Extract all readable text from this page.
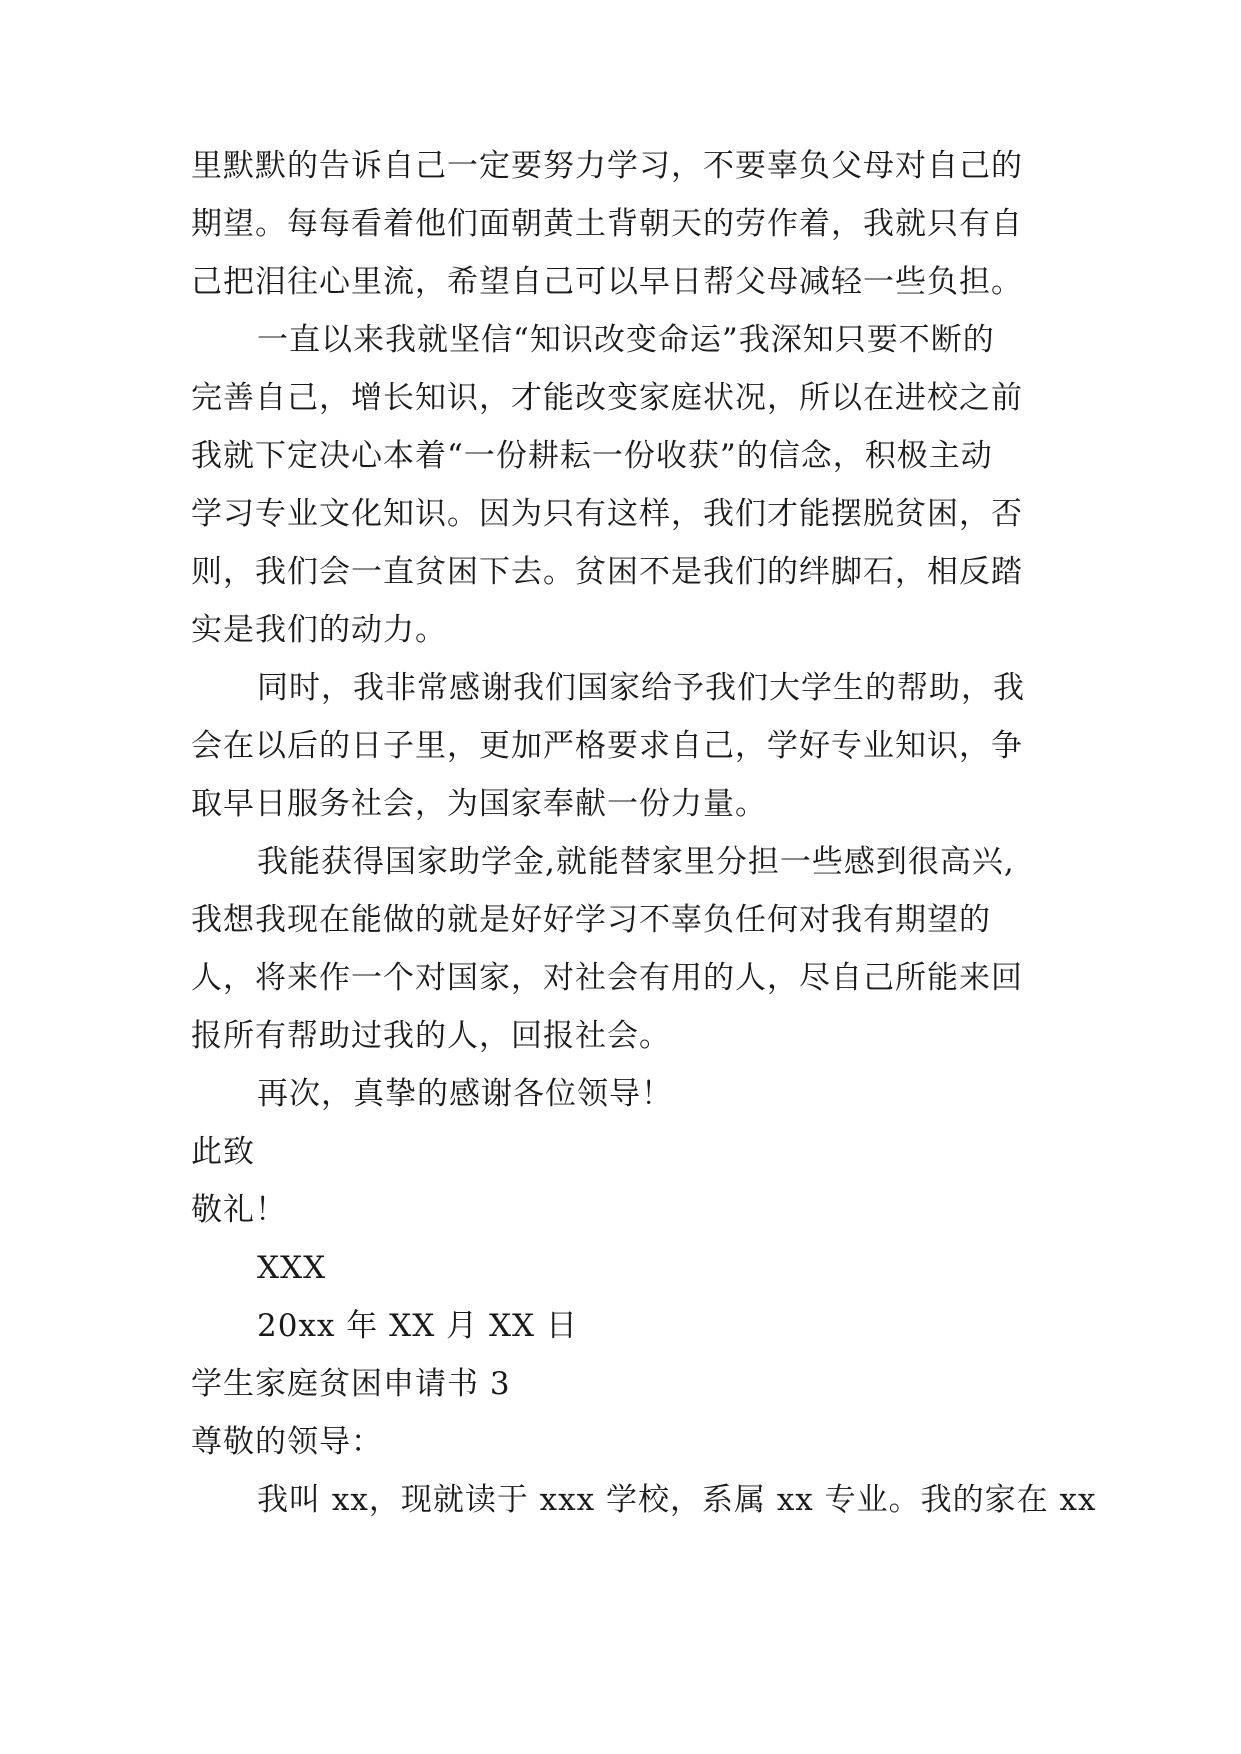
里默默的告诉自己一定要努力学习，不要辜负父母对自己的
期望。每每看着他们面朝黄土背朝天的劳作着，我就只有自
己把泪往心里流，希望自己可以早日帮父母减轻一些负担。
一直以来我就坚信“知识改变命运”我深知只要不断的
完善自己，增长知识，才能改变家庭状况，所以在进校之前
我就下定决心本着“一份耕耘一份收获”的信念，积极主动
学习专业文化知识。因为只有这样，我们才能摆脱贫困，否
则，我们会一直贫困下去。贫困不是我们的绊脚石，相反踏
实是我们的动力。
同时，我非常感谢我们国家给予我们大学生的帮助，我
会在以后的日子里，更加严格要求自己，学好专业知识，争
取早日服务社会，为国家奉献一份力量。
我能获得国家助学金,就能替家里分担一些感到很高兴,
我想我现在能做的就是好好学习不辜负任何对我有期望的
人，将来作一个对国家，对社会有用的人，尽自己所能来回
报所有帮助过我的人，回报社会。
再次，真挚的感谢各位领导！
此致
敬礼！
XXX
20xx 年 XX 月 XX 日
学生家庭贫困申请书 3
尊敬的领导：
我叫 xx，现就读于 xxx 学校，系属 xx 专业。我的家在 xx
